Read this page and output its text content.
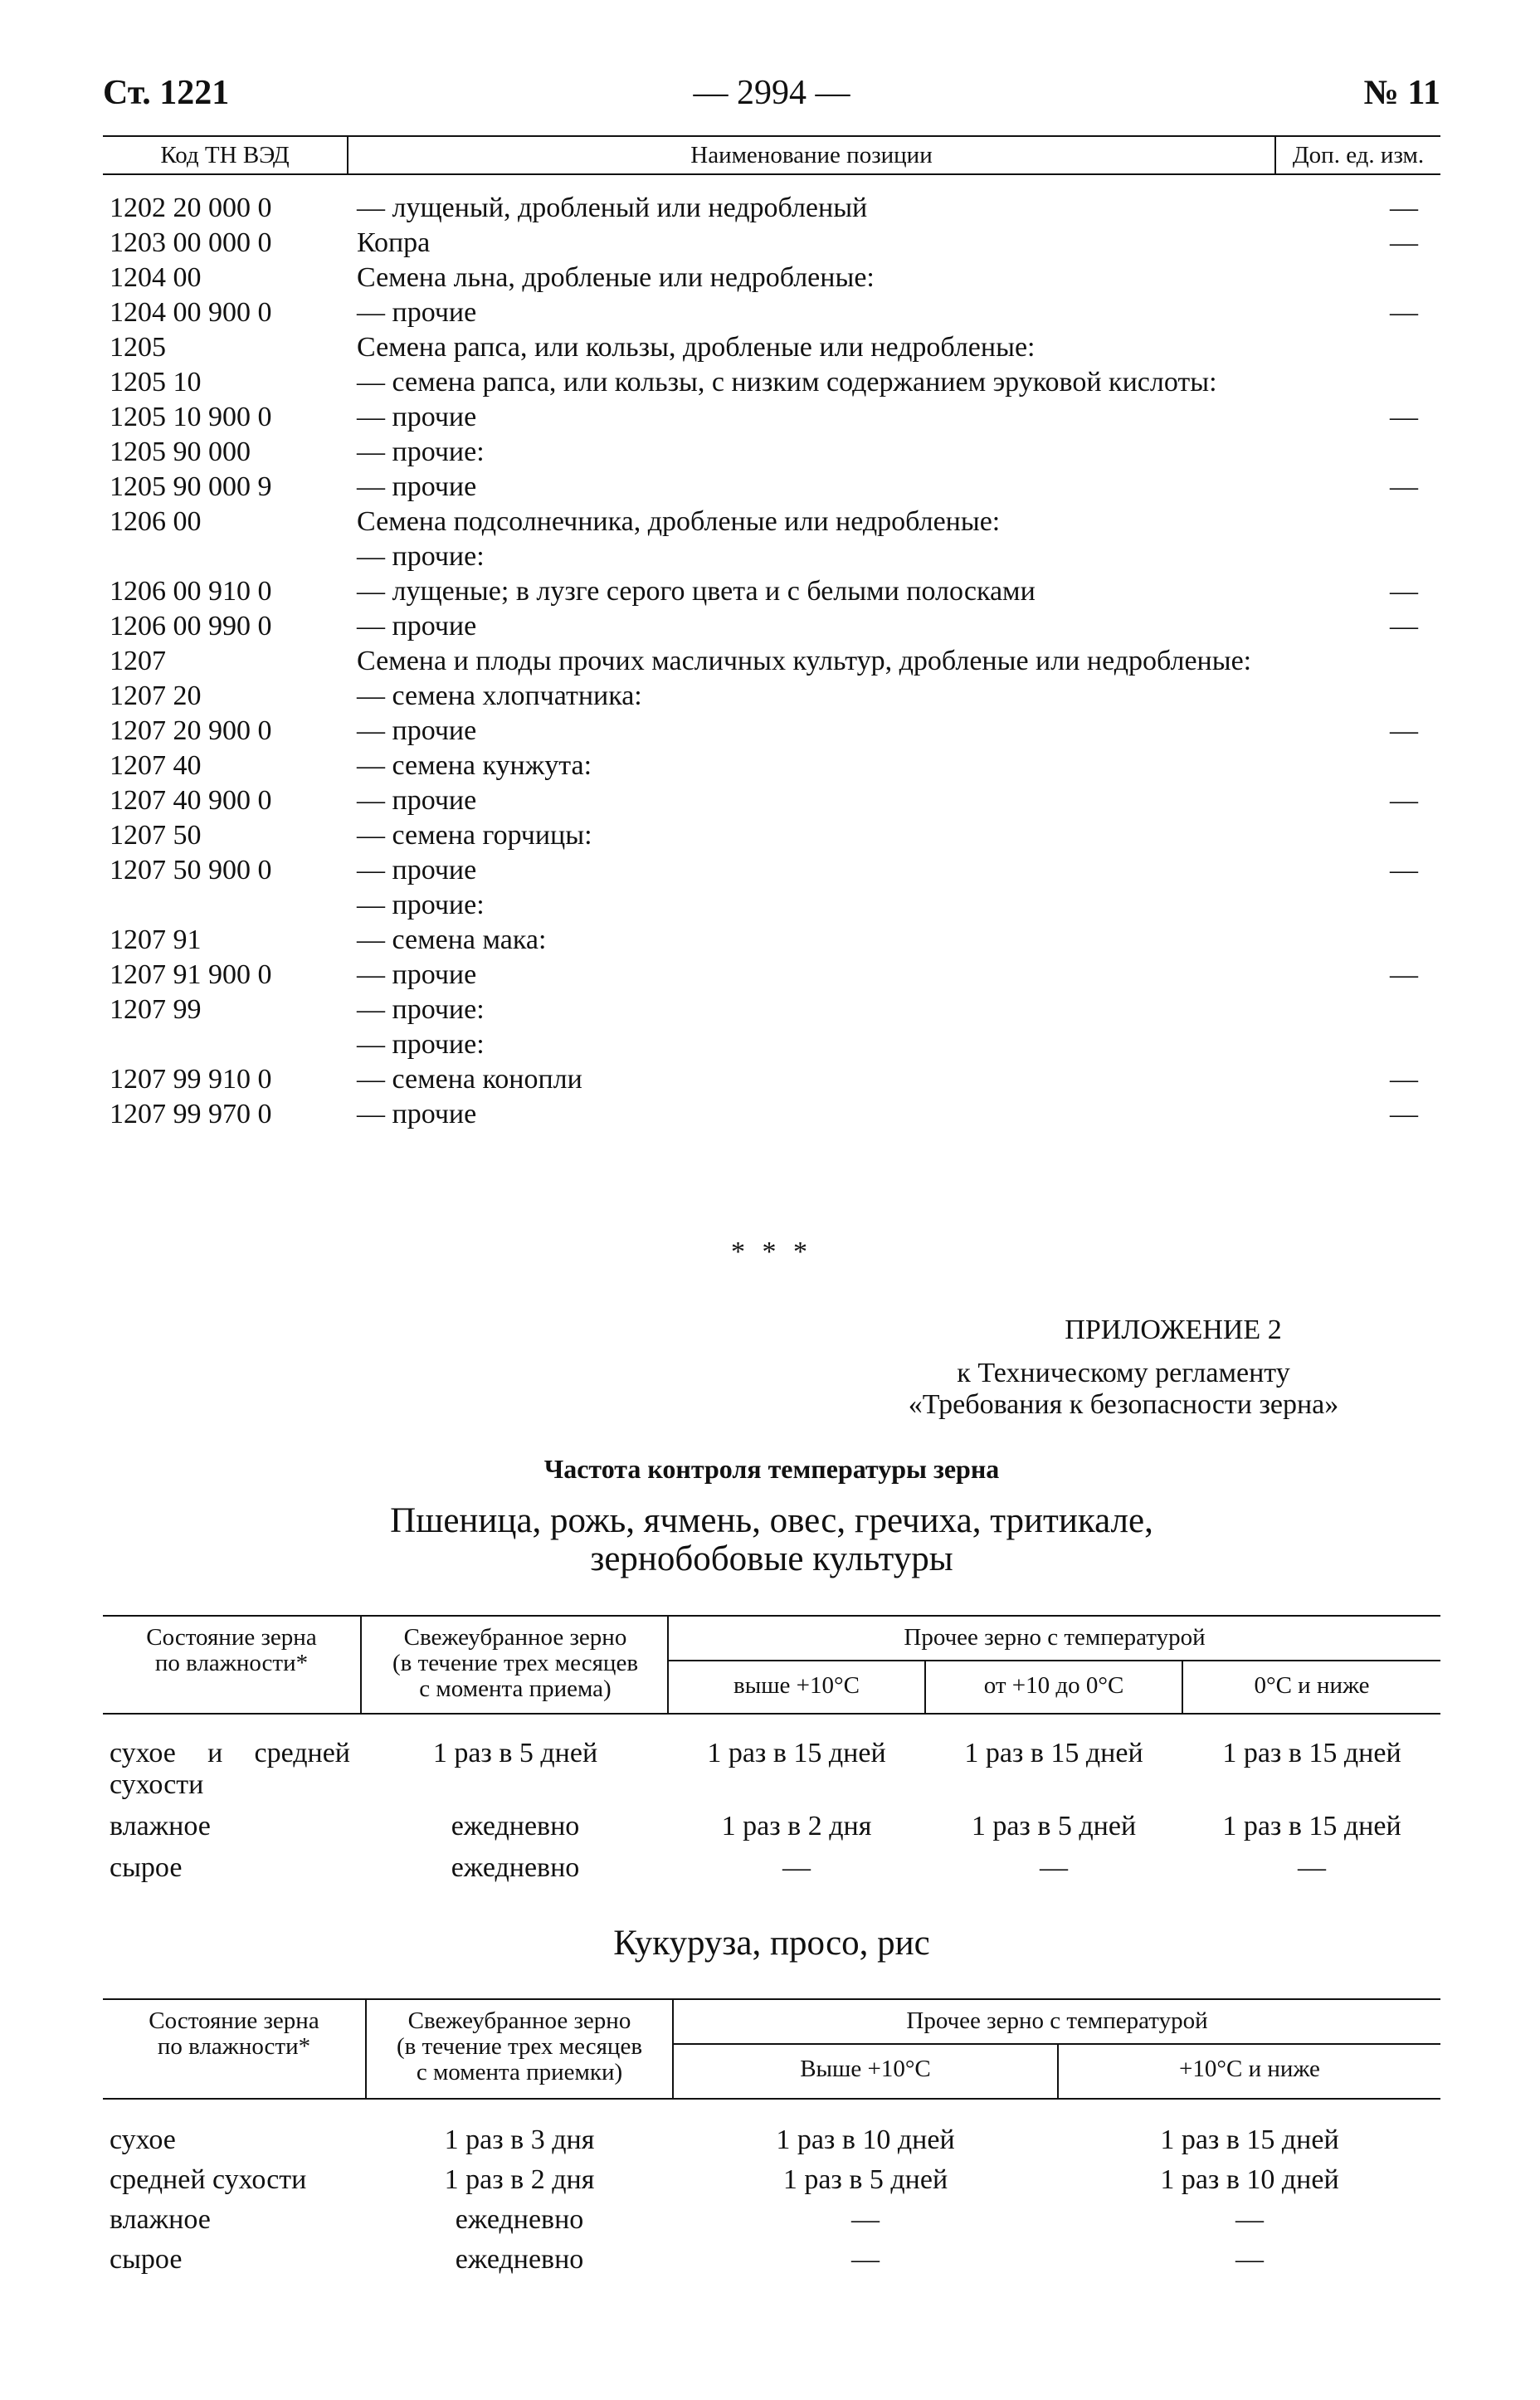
Ст. 1221	— 2994 —	№ 11
Код ТН ВЭД	Наименование позиции	Доп. ед. изм.
1202 20 000 0	— лущеный, дробленый или недробленый	—
1203 00 000 0	Копра	—
1204 00	Семена льна, дробленые или недробленые:
1204 00 900 0	— прочие	—
1205	Семена рапса, или кользы, дробленые или недробленые:
1205 10	— семена рапса, или кользы, с низким содержанием эруковой кислоты:
1205 10 900 0	— прочие	—
1205 90 000	— прочие:
1205 90 000 9	— прочие	—
1206 00	Семена подсолнечника, дробленые или недробленые:
— прочие:
1206 00 910 0	— лущеные; в лузге серого цвета и с белыми полосками	—
1206 00 990 0	— прочие	—
1207	Семена и плоды прочих масличных культур, дробленые или недробленые:
1207 20	— семена хлопчатника:
1207 20 900 0	— прочие	—
1207 40	— семена кунжута:
1207 40 900 0	— прочие	—
1207 50	— семена горчицы:
1207 50 900 0	— прочие	—
— прочие:
1207 91	— семена мака:
1207 91 900 0	— прочие	—
1207 99	— прочие:
— прочие:
1207 99 910 0	— семена конопли	—
1207 99 970 0	— прочие	—
* * *
ПРИЛОЖЕНИЕ 2
к Техническому регламенту
«Требования к безопасности зерна»
Частота контроля температуры зерна
Пшеница, рожь, ячмень, овес, гречиха, тритикале,
зернобобовые культуры
Состояние зерна
по влажности*
Свежеубранное зерно
(в течение трех месяцев
с момента приема)
Прочее зерно с температурой
выше +10°С	от +10 до 0°С	0°С и ниже
сухое и средней
сухости
1 раз в 5 дней	1 раз в 15 дней	1 раз в 15 дней	1 раз в 15 дней
влажное	ежедневно	1 раз в 2 дня	1 раз в 5 дней	1 раз в 15 дней
сырое	ежедневно	—	—	—
Кукуруза, просо, рис
Состояние зерна
по влажности*
Свежеубранное зерно
(в течение трех месяцев
с момента приемки)
Прочее зерно с температурой
Выше +10°С	+10°С и ниже
сухое	1 раз в 3 дня	1 раз в 10 дней	1 раз в 15 дней
средней сухости	1 раз в 2 дня	1 раз в 5 дней	1 раз в 10 дней
влажное	ежедневно	—	—
сырое	ежедневно	—	—
